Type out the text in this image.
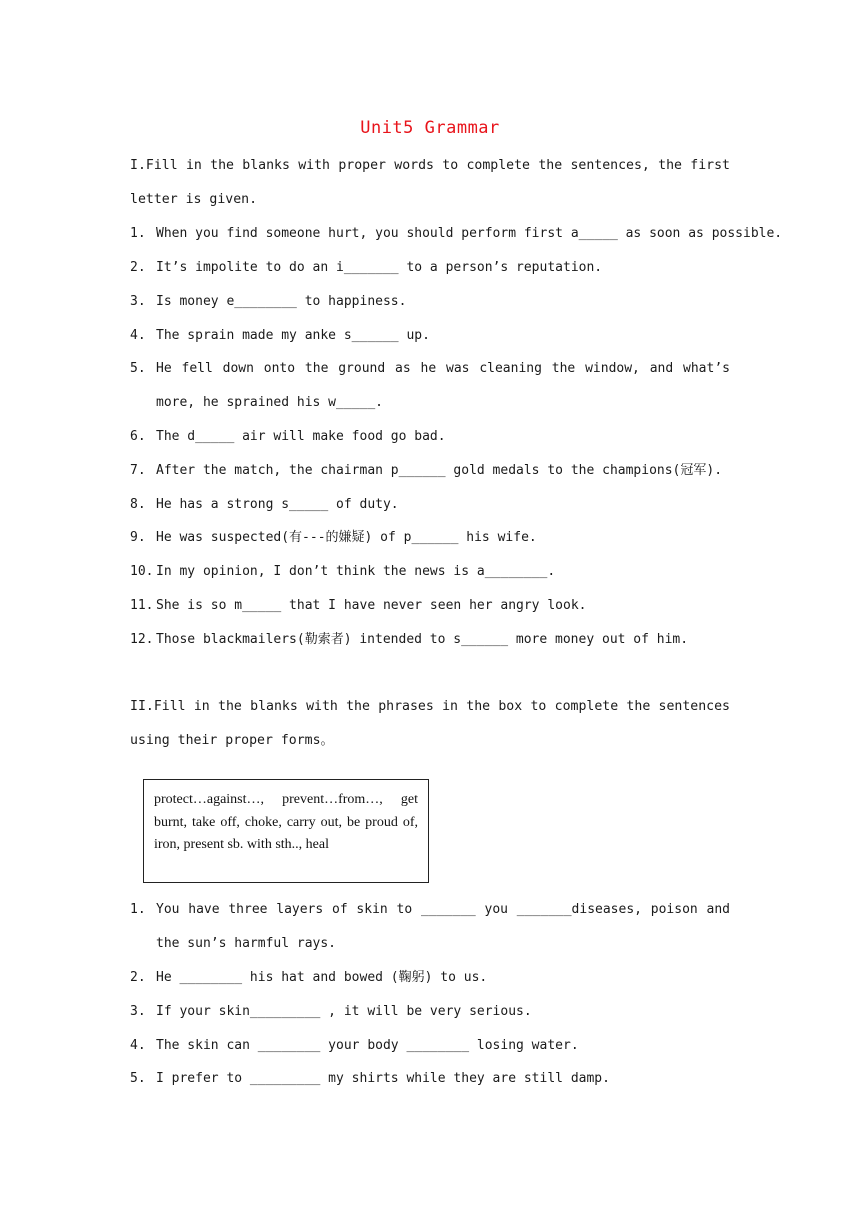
Unit5 Grammar
I.Fill in the blanks with proper words to complete the sentences, the first letter is given.
1. When you find someone hurt, you should perform first a_____ as soon as possible.
2. It’s impolite to do an i_______ to a person’s reputation.
3. Is money e________ to happiness.
4. The sprain made my anke s______ up.
5. He fell down onto the ground as he was cleaning the window, and what’s more, he sprained his w_____.
6. The d_____ air will make food go bad.
7. After the match, the chairman p______ gold medals to the champions(冠军).
8. He has a strong s_____ of duty.
9. He was suspected(有---的嫌疑) of p______ his wife.
10. In my opinion, I don’t think the news is a________.
11. She is so m_____ that I have never seen her angry look.
12. Those blackmailers(勒索者) intended to s______ more money out of him.
II.Fill in the blanks with the phrases in the box to complete the sentences using their proper forms。
protect…against…, prevent…from…, get burnt, take off, choke, carry out, be proud of, iron, present sb. with sth.., heal
1. You have three layers of skin to _______ you _______diseases, poison and the sun’s harmful rays.
2. He ________ his hat and bowed (鞠躬) to us.
3. If your skin_________ , it will be very serious.
4. The skin can ________ your body ________ losing water.
5. I prefer to _________ my shirts while they are still damp.
